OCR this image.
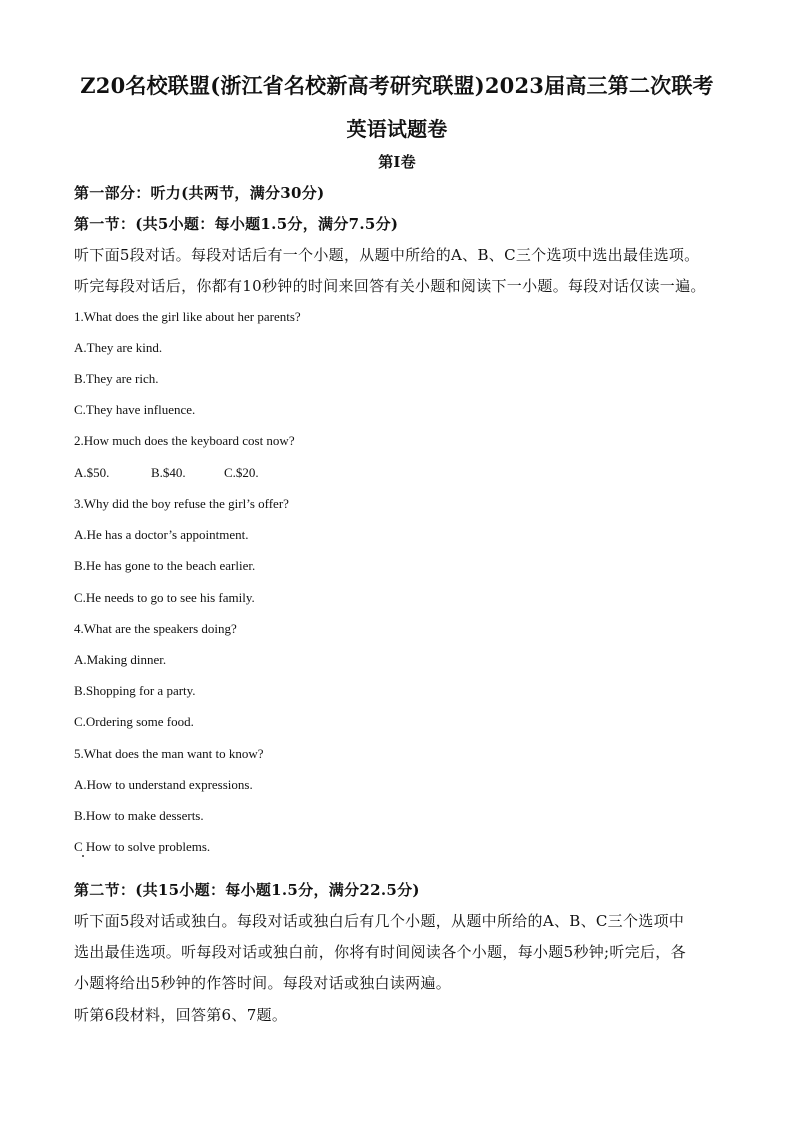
Z20名校联盟(浙江省名校新高考研究联盟)2023届高三第二次联考
英语试题卷
第I卷
第一部分：听力(共两节，满分30分)
第一节：(共5小题：每小题1.5分，满分7.5分)
听下面5段对话。每段对话后有一个小题，从题中所给的A、B、C三个选项中选出最佳选项。
听完每段对话后，你都有10秒钟的时间来回答有关小题和阅读下一小题。每段对话仅读一遍。
1.What does the girl like about her parents?
A.They are kind.
B.They are rich.
C.They have influence.
2.How much does the keyboard cost now?
A.$50.	B.$40.	C.$20.
3.Why did the boy refuse the girl’s offer?
A.He has a doctor’s appointment.
B.He has gone to the beach earlier.
C.He needs to go to see his family.
4.What are the speakers doing?
A.Making dinner.
B.Shopping for a party.
C.Ordering some food.
5.What does the man want to know?
A.How to understand expressions.
B.How to make desserts.
C How to solve problems.
第二节：(共15小题：每小题1.5分，满分22.5分)
听下面5段对话或独白。每段对话或独白后有几个小题，从题中所给的A、B、C三个选项中
选出最佳选项。听每段对话或独白前，你将有时间阅读各个小题，每小题5秒钟;听完后，各
小题将给出5秒钟的作答时间。每段对话或独白读两遍。
听第6段材料，回答第6、7题。
